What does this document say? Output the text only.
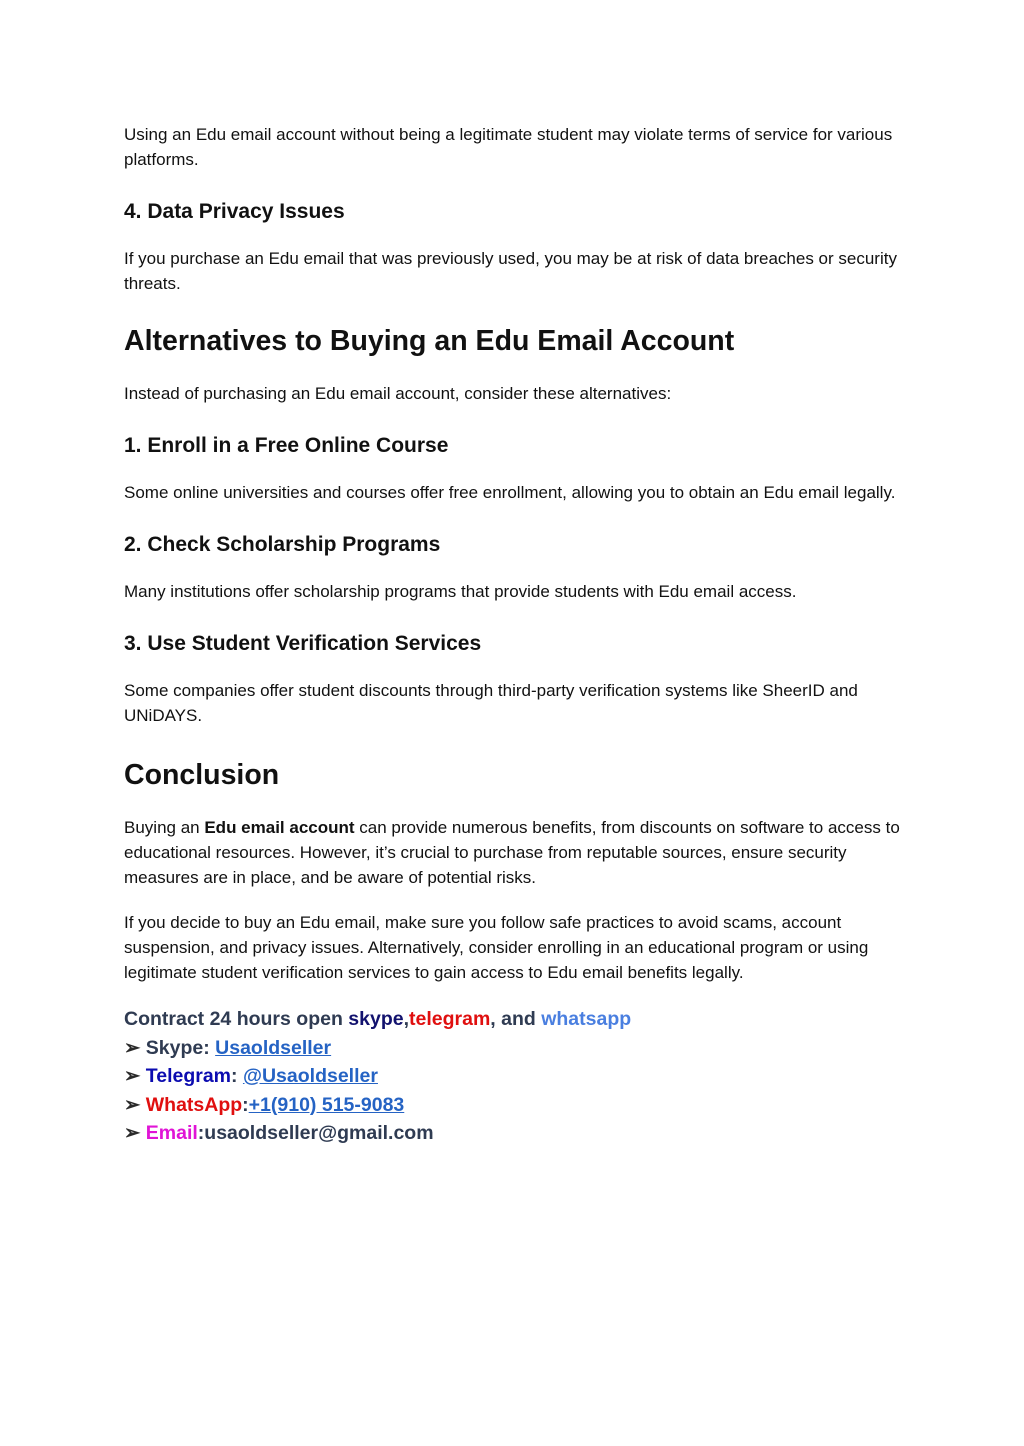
Using an Edu email account without being a legitimate student may violate terms of service for various platforms.

4. Data Privacy Issues

If you purchase an Edu email that was previously used, you may be at risk of data breaches or security threats.

Alternatives to Buying an Edu Email Account

Instead of purchasing an Edu email account, consider these alternatives:

1. Enroll in a Free Online Course

Some online universities and courses offer free enrollment, allowing you to obtain an Edu email legally.

2. Check Scholarship Programs

Many institutions offer scholarship programs that provide students with Edu email access.

3. Use Student Verification Services

Some companies offer student discounts through third-party verification systems like SheerID and UNiDAYS.

Conclusion

Buying an Edu email account can provide numerous benefits, from discounts on software to access to educational resources. However, it’s crucial to purchase from reputable sources, ensure security measures are in place, and be aware of potential risks.

If you decide to buy an Edu email, make sure you follow safe practices to avoid scams, account suspension, and privacy issues. Alternatively, consider enrolling in an educational program or using legitimate student verification services to gain access to Edu email benefits legally.

Contract 24 hours open skype,telegram, and whatsapp
➢ Skype: Usaoldseller
➢ Telegram: @Usaoldseller
➢ WhatsApp:+1(910) 515-9083
➢ Email:usaoldseller@gmail.com
